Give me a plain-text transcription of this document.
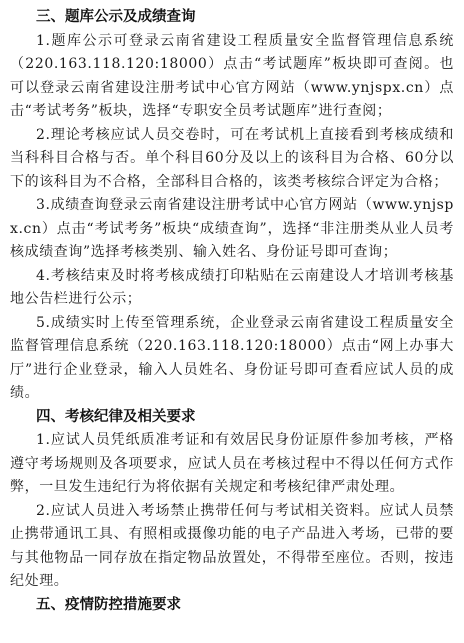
三、题库公示及成绩查询

1.题库公示可登录云南省建设工程质量安全监督管理信息系统（220.163.118.120:18000）点击“考试题库”板块即可查阅。也可以登录云南省建设注册考试中心官方网站（www.ynjspx.cn）点击“考试考务”板块，选择“专职安全员考试题库”进行查阅；

2.理论考核应试人员交卷时，可在考试机上直接看到考核成绩和当科科目合格与否。单个科目60分及以上的该科目为合格、60分以下的该科目为不合格，全部科目合格的，该类考核综合评定为合格；

3.成绩查询登录云南省建设注册考试中心官方网站（www.ynjspx.cn）点击“考试考务”板块“成绩查询”，选择“非注册类从业人员考核成绩查询”选择考核类别、输入姓名、身份证号即可查询；

4.考核结束及时将考核成绩打印粘贴在云南建设人才培训考核基地公告栏进行公示；

5.成绩实时上传至管理系统，企业登录云南省建设工程质量安全监督管理信息系统（220.163.118.120:18000）点击“网上办事大厅”进行企业登录，输入人员姓名、身份证号即可查看应试人员的成绩。

四、考核纪律及相关要求

1.应试人员凭纸质准考证和有效居民身份证原件参加考核，严格遵守考场规则及各项要求，应试人员在考核过程中不得以任何方式作弊，一旦发生违纪行为将依据有关规定和考核纪律严肃处理。

2.应试人员进入考场禁止携带任何与考试相关资料。应试人员禁止携带通讯工具、有照相或摄像功能的电子产品进入考场，已带的要与其他物品一同存放在指定物品放置处，不得带至座位。否则，按违纪处理。

五、疫情防控措施要求
